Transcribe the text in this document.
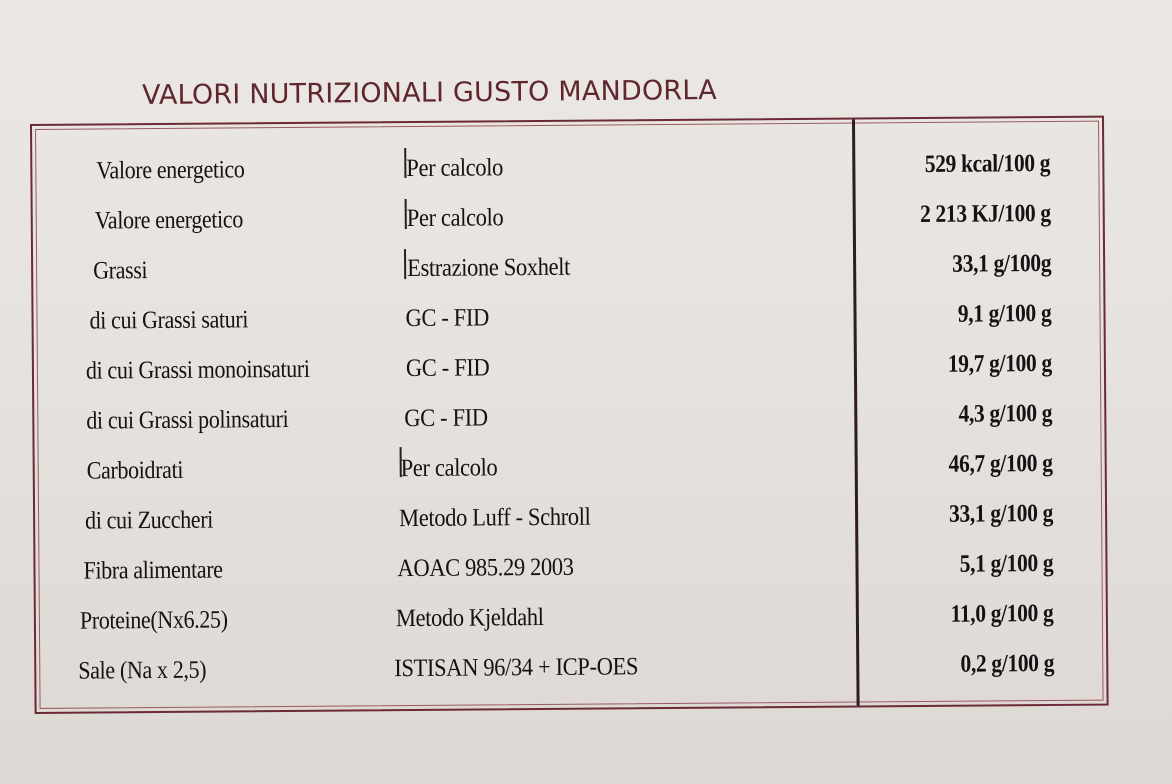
VALORI NUTRIZIONALI GUSTO MANDORLA
Valore energetico	Per calcolo	529 kcal/100 g
Valore energetico	Per calcolo	2 213 KJ/100 g
Grassi	Estrazione Soxhelt	33,1 g/100g
di cui Grassi saturi	GC - FID	9,1 g/100 g
di cui Grassi monoinsaturi	GC - FID	19,7 g/100 g
di cui Grassi polinsaturi	GC - FID	4,3 g/100 g
Carboidrati	Per calcolo	46,7 g/100 g
di cui Zuccheri	Metodo Luff - Schroll	33,1 g/100 g
Fibra alimentare	AOAC 985.29 2003	5,1 g/100 g
Proteine(Nx6.25)	Metodo Kjeldahl	11,0 g/100 g
Sale (Na x 2,5)	ISTISAN 96/34 + ICP-OES	0,2 g/100 g
